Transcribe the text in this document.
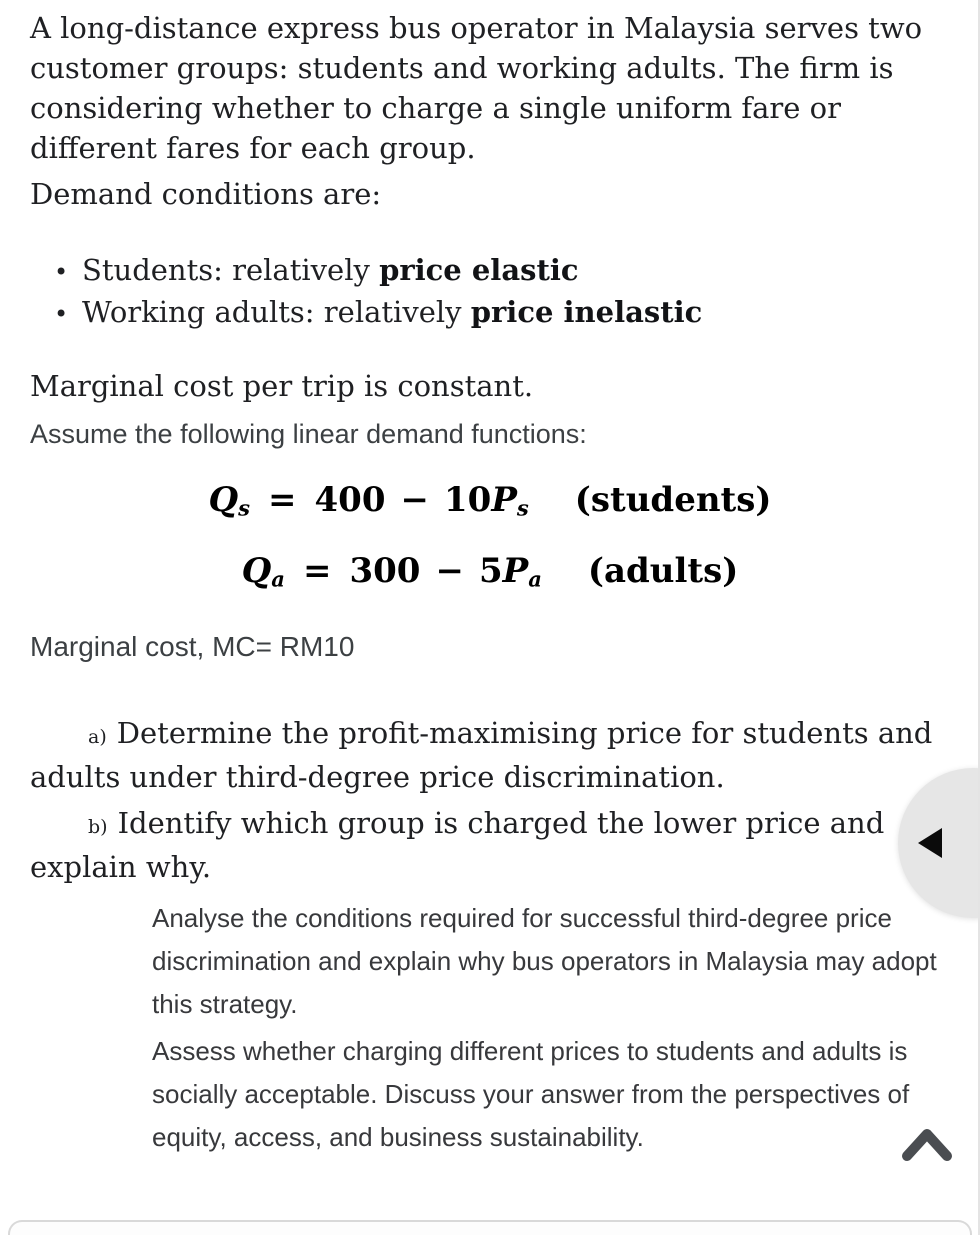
A long-distance express bus operator in Malaysia serves two customer groups: students and working adults. The firm is considering whether to charge a single uniform fare or different fares for each group.

Demand conditions are:

• Students: relatively price elastic
• Working adults: relatively price inelastic

Marginal cost per trip is constant.

Assume the following linear demand functions:

Qs = 400 − 10Ps (students)
Qa = 300 − 5Pa (adults)

Marginal cost, MC= RM10

a) Determine the profit-maximising price for students and adults under third-degree price discrimination.

b) Identify which group is charged the lower price and explain why.

Analyse the conditions required for successful third-degree price discrimination and explain why bus operators in Malaysia may adopt this strategy.

Assess whether charging different prices to students and adults is socially acceptable. Discuss your answer from the perspectives of equity, access, and business sustainability.
